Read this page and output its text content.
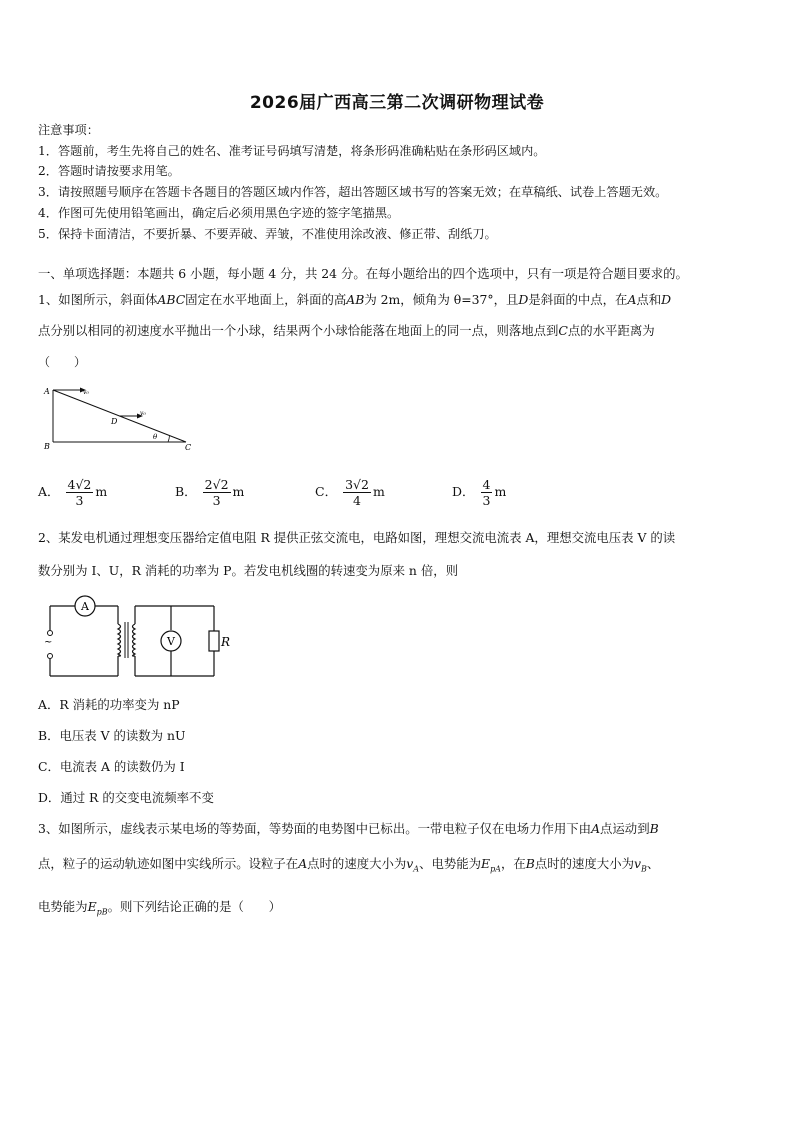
2026届广西高三第二次调研物理试卷
注意事项：
1．答题前，考生先将自己的姓名、准考证号码填写清楚，将条形码准确粘贴在条形码区域内。
2．答题时请按要求用笔。
3．请按照题号顺序在答题卡各题目的答题区域内作答，超出答题区域书写的答案无效；在草稿纸、试卷上答题无效。
4．作图可先使用铅笔画出，确定后必须用黑色字迹的签字笔描黑。
5．保持卡面清洁，不要折暴、不要弄破、弄皱，不准使用涂改液、修正带、刮纸刀。
一、单项选择题：本题共 6 小题，每小题 4 分，共 24 分。在每小题给出的四个选项中，只有一项是符合题目要求的。
1、如图所示，斜面体ABC固定在水平地面上，斜面的高AB为 2m，倾角为 θ=37°，且D是斜面的中点，在A点和D
点分别以相同的初速度水平抛出一个小球，结果两个小球恰能落在地面上的同一点，则落地点到C点的水平距离为
（　　）
A
B	C
D
v₀
v₀
θ
A． $\frac{4√2}{3}$ m	B． $\frac{2√2}{3}$ m	C． $\frac{3√2}{4}$ m	D． $\frac{4}{3}$ m
2、某发电机通过理想变压器给定值电阻 R 提供正弦交流电，电路如图，理想交流电流表 A，理想交流电压表 V 的读
数分别为 I、U，R 消耗的功率为 P。若发电机线圈的转速变为原来 n 倍，则
A
~	V	R
A．R 消耗的功率变为 nP
B．电压表 V 的读数为 nU
C．电流表 A 的读数仍为 I
D．通过 R 的交变电流频率不变
3、如图所示，虚线表示某电场的等势面，等势面的电势图中已标出。一带电粒子仅在电场力作用下由A点运动到B
点，粒子的运动轨迹如图中实线所示。设粒子在A点时的速度大小为$v_A$、电势能为$E_{pA}$，在B点时的速度大小为$v_B$、
电势能为$E_{pB}$。则下列结论正确的是（　　）
